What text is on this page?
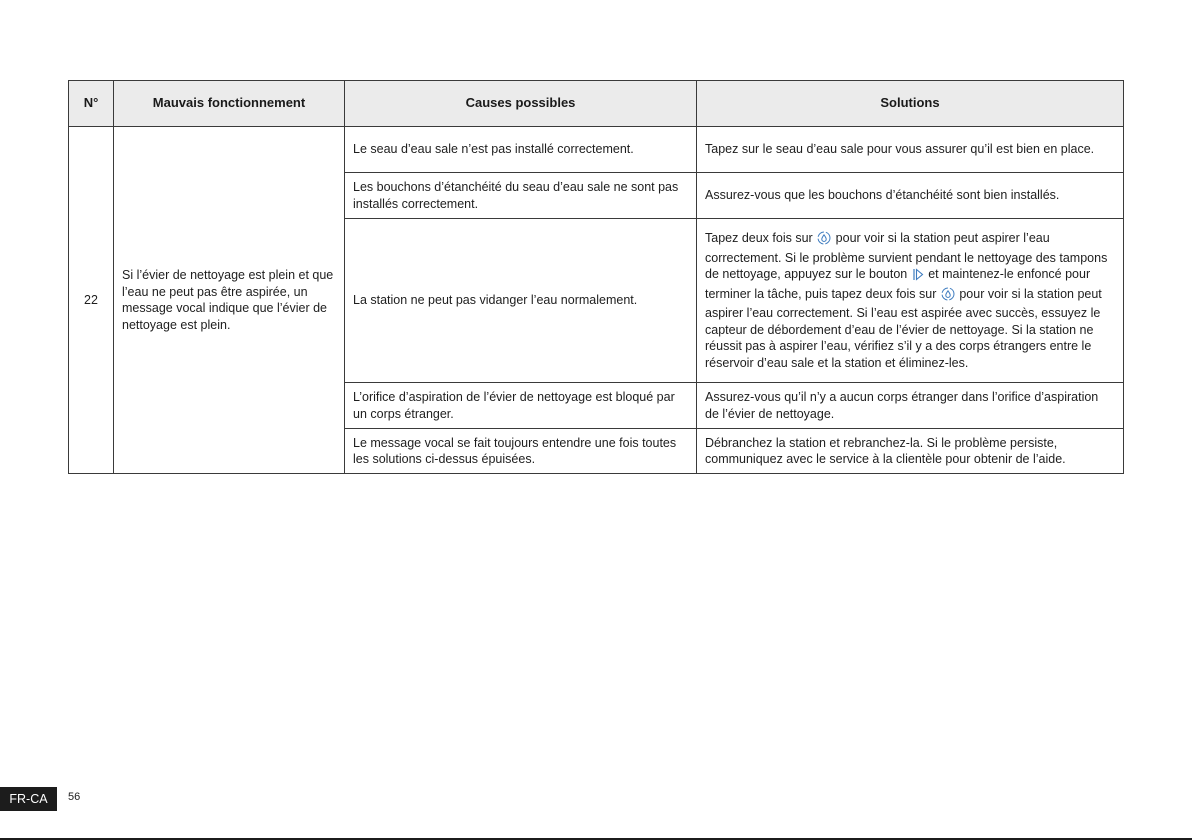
N°	Mauvais fonctionnement	Causes possibles	Solutions
22	Si l’évier de nettoyage est plein et que l’eau ne peut pas être aspirée, un message vocal indique que l’évier de nettoyage est plein.	Le seau d’eau sale n’est pas installé correctement.	Tapez sur le seau d’eau sale pour vous assurer qu’il est bien en place.
		Les bouchons d’étanchéité du seau d’eau sale ne sont pas installés correctement.	Assurez-vous que les bouchons d’étanchéité sont bien installés.
		La station ne peut pas vidanger l’eau normalement.	Tapez deux fois sur pour voir si la station peut aspirer l’eau correctement. Si le problème survient pendant le nettoyage des tampons de nettoyage, appuyez sur le bouton et maintenez-le enfoncé pour terminer la tâche, puis tapez deux fois sur pour voir si la station peut aspirer l’eau correctement. Si l’eau est aspirée avec succès, essuyez le capteur de débordement d’eau de l’évier de nettoyage. Si la station ne réussit pas à aspirer l’eau, vérifiez s’il y a des corps étrangers entre le réservoir d’eau sale et la station et éliminez-les.
		L’orifice d’aspiration de l’évier de nettoyage est bloqué par un corps étranger.	Assurez-vous qu’il n’y a aucun corps étranger dans l’orifice d’aspiration de l’évier de nettoyage.
		Le message vocal se fait toujours entendre une fois toutes les solutions ci-dessus épuisées.	Débranchez la station et rebranchez-la. Si le problème persiste, communiquez avec le service à la clientèle pour obtenir de l’aide.
FR-CA	56
